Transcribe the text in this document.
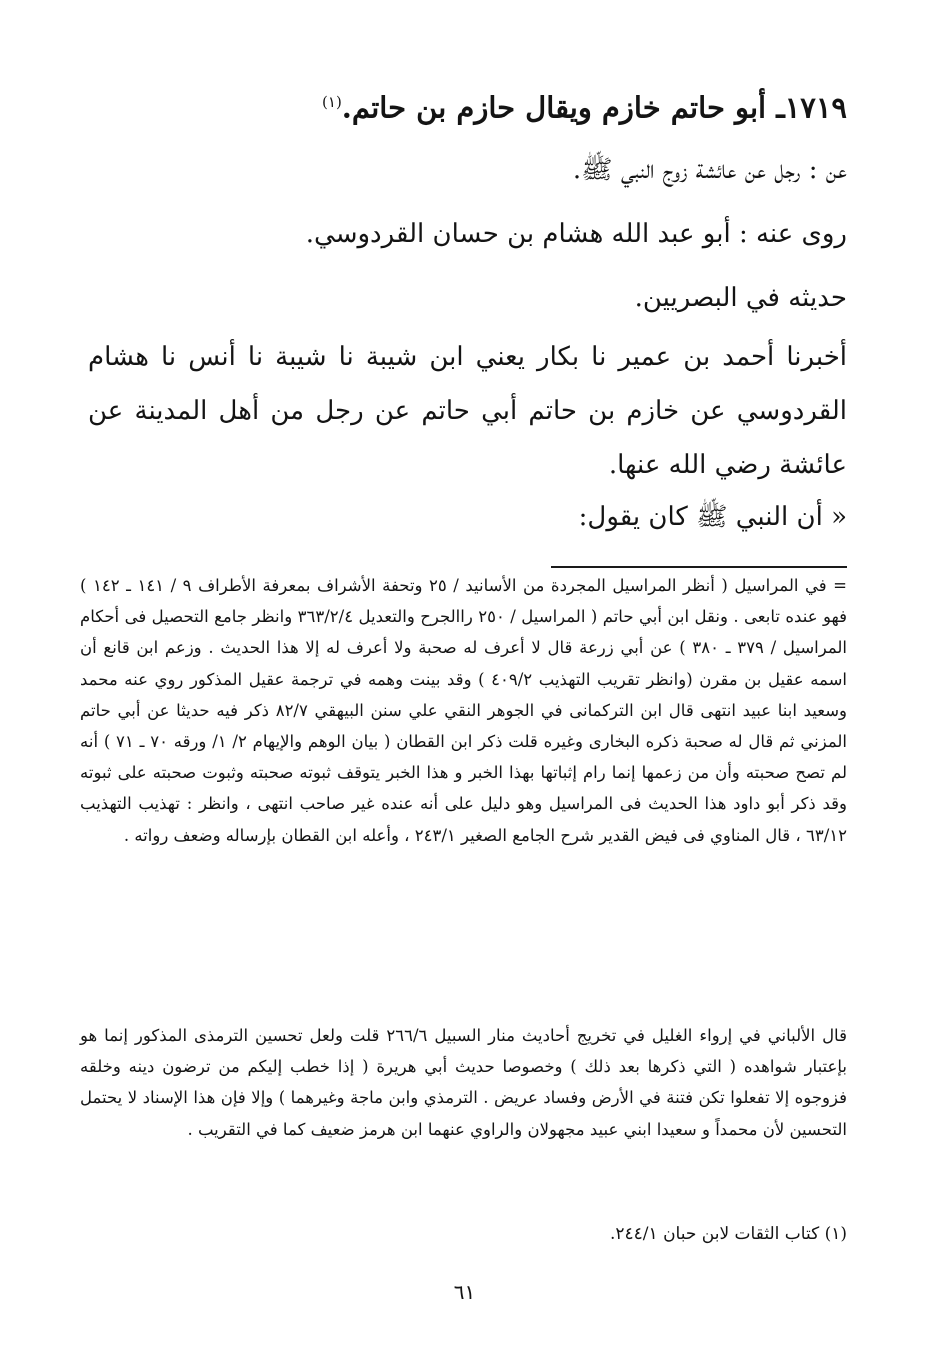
١٧١٩ـ أبو حاتم خازم ويقال حازم بن حاتم.$^{(١)}$
عن : رجل عن عائشة زوج النبي ﷺ.
روى عنه : أبو عبد الله هشام بن حسان القردوسي.
حديثه في البصريين.
أخبرنا أحمد بن عمير نا بكار يعني ابن شيبة نا شيبة نا أنس نا هشام القردوسي عن خازم بن حاتم أبي حاتم عن رجل من أهل المدينة عن عائشة رضي الله عنها.
« أن النبي ﷺ كان يقول:
= في المراسيل ( أنظر المراسيل المجردة من الأسانيد / ٢٥ وتحفة الأشراف بمعرفة الأطراف ٩ / ١٤١ ـ ١٤٢ ) فهو عنده تابعى . ونقل ابن أبي حاتم ( المراسيل / ٢٥٠ راالجرح والتعديل ٣٦٣/٢/٤ وانظر جامع التحصيل فى أحكام المراسيل / ٣٧٩ ـ ٣٨٠ ) عن أبي زرعة قال لا أعرف له صحبة ولا أعرف له إلا هذا الحديث . وزعم ابن قانع أن اسمه عقيل بن مقرن (وانظر تقريب التهذيب ٤٠٩/٢ ) وقد بينت وهمه في ترجمة عقيل المذكور روي عنه محمد وسعيد ابنا عبيد انتهى قال ابن التركمانى في الجوهر النقي علي سنن البيهقي ٨٢/٧ ذكر فيه حديثا عن أبي حاتم المزني ثم قال له صحبة ذكره البخارى وغيره قلت ذكر ابن القطان ( بيان الوهم والإيهام ٢/ ١/ ورقه ٧٠ ـ ٧١ ) أنه لم تصح صحبته وأن من زعمها إنما رام إثباتها بهذا الخبر و هذا الخبر يتوقف ثبوته صحبته وثبوت صحبته على ثبوته وقد ذكر أبو داود هذا الحديث فى المراسيل وهو دليل على أنه عنده غير صاحب انتهى ، وانظر : تهذيب التهذيب ٦٣/١٢ ، قال المناوي فى فيض القدير شرح الجامع الصغير ٢٤٣/١ ، وأعله ابن القطان بإرساله وضعف رواته .
قال الألباني في إرواء الغليل في تخريج أحاديث منار السبيل ٢٦٦/٦ قلت ولعل تحسين الترمذى المذكور إنما هو بإعتبار شواهده ( التي ذكرها بعد ذلك ) وخصوصا حديث أبي هريرة ( إذا خطب إليكم من ترضون دينه وخلقه فزوجوه إلا تفعلوا تكن فتنة في الأرض وفساد عريض . الترمذي وابن ماجة وغيرهما ) وإلا فإن هذا الإسناد لا يحتمل التحسين لأن محمداً و سعيدا ابني عبيد مجهولان والراوي عنهما ابن هرمز ضعيف كما في التقريب .
(١) كتاب الثقات لابن حبان ٢٤٤/١.
٦١
